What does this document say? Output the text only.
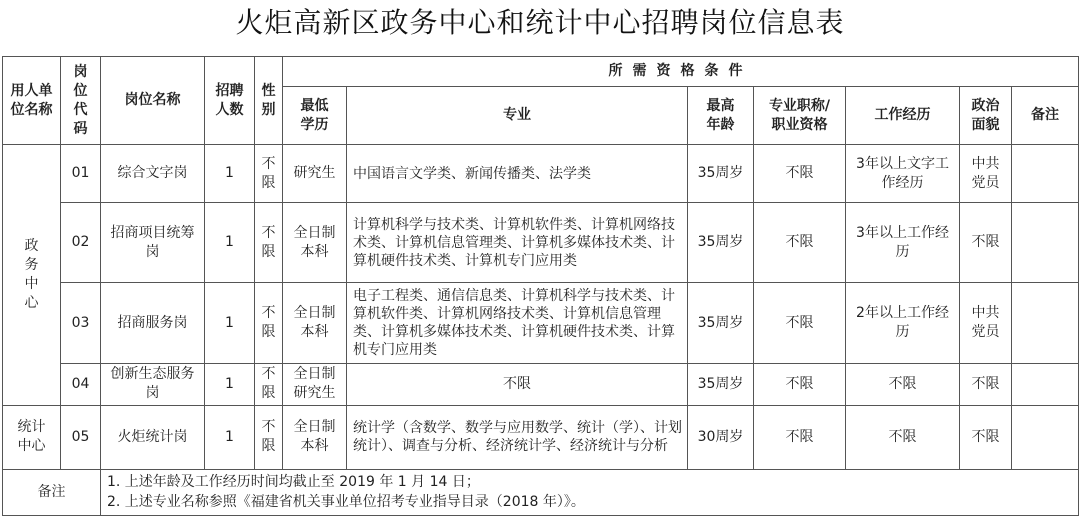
火炬高新区政务中心和统计中心招聘岗位信息表
用人单位名称	岗位代码	岗位名称	招聘人数	性别	所需资格条件						

					最低学历	专业	最高年龄	专业职称/职业资格	工作经历	政治面貌	备注

政务中心	01	综合文字岗	1	不限	研究生	中国语言文学类、新闻传播类、法学类	35周岁	不限	3年以上文字工作经历	中共党员	

	02	招商项目统筹岗	1	不限	全日制本科	计算机科学与技术类、计算机软件类、计算机网络技术类、计算机信息管理类、计算机多媒体技术类、计算机硬件技术类、计算机专门应用类	35周岁	不限	3年以上工作经历	不限	
	03	招商服务岗	1	不限	全日制本科	电子工程类、通信信息类、计算机科学与技术类、计算机软件类、计算机网络技术类、计算机信息管理类、计算机多媒体技术类、计算机硬件技术类、计算机专门应用类	35周岁	不限	2年以上工作经历	中共党员	

	04	创新生态服务岗	1	不限	全日制研究生	不限	35周岁	不限	不限	不限	

统计中心	05	火炬统计岗	1	不限	全日制本科	统计学（含数学、数学与应用数学、统计（学）、计划统计）、调查与分析、经济统计学、经济统计与分析	30周岁	不限	不限	不限	
备注		1. 上述年龄及工作经历时间均截止至 2019 年 1 月 14 日；
2. 上述专业名称参照《福建省机关事业单位招考专业指导目录（2018 年）》。									
